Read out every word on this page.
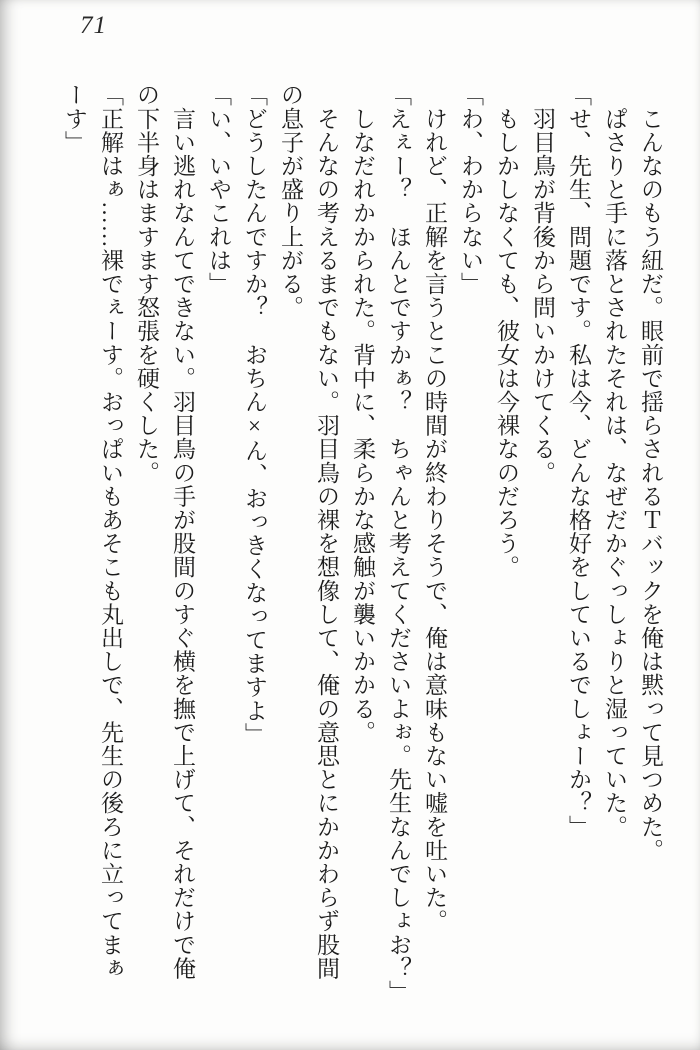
71
　こんなのもう紐だ。眼前で揺らされるＴバックを俺は黙って見つめた。
　ぱさりと手に落とされたそれは、なぜだかぐっしょりと湿っていた。
「せ、先生、問題です。私は今、どんな格好をしているでしょーか？」
　羽目鳥が背後から問いかけてくる。
　もしかしなくても、彼女は今裸なのだろう。
「わ、わからない」
　けれど、正解を言うとこの時間が終わりそうで、俺は意味もない嘘を吐いた。
「えぇー？　ほんとですかぁ？　ちゃんと考えてくださいよぉ。先生なんでしょお？」
　しなだれかかられた。背中に、柔らかな感触が襲いかかる。
　そんなの考えるまでもない。羽目鳥の裸を想像して、俺の意思とにかかわらず股間
の息子が盛り上がる。
「どうしたんですか？　おちん×ん、おっきくなってますよ」
「い、いやこれは」
　言い逃れなんてできない。羽目鳥の手が股間のすぐ横を撫で上げて、それだけで俺
の下半身はますます怒張を硬くした。
「正解はぁ……裸でぇーす。おっぱいもあそこも丸出しで、先生の後ろに立ってまぁ
ーす」
